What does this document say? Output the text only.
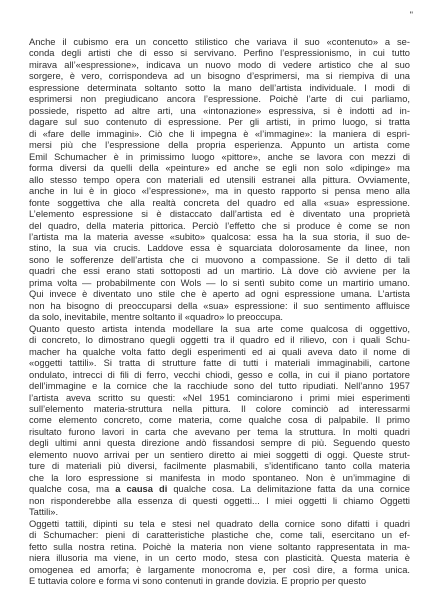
"
Anche il cubismo era un concetto stilistico che variava il suo «contenuto» a se-
conda degli artisti che di esso si servivano. Perfino l’espressionismo, in cui tutto
mirava all’«espressione», indicava un nuovo modo di vedere artistico che al suo
sorgere, è vero, corrispondeva ad un bisogno d’esprimersi, ma si riempiva di una
espressione determinata soltanto sotto la mano dell’artista individuale. I modi di
esprimersi non pregiudicano ancora l’espressione. Poichè l’arte di cui parliamo,
possiede, rispetto ad altre arti, una «intonazione» espressiva, si è indotti ad in-
dagare sul suo contenuto di espressione. Per gli artisti, in primo luogo, si tratta
di «fare delle immagini». Ciò che li impegna è «l’immagine»: la maniera di espri-
mersi più che l’espressione della propria esperienza. Appunto un artista come
Emil Schumacher è in primissimo luogo «pittore», anche se lavora con mezzi di
forma diversi da quelli della «peinture» ed anche se egli non solo «dipinge» ma
allo stesso tempo opera con materiali ed utensili estranei alla pittura. Ovviamente,
anche in lui è in gioco «l’espressione», ma in questo rapporto si pensa meno alla
fonte soggettiva che alla realtà concreta del quadro ed alla «sua» espressione.
L’elemento espressione si è distaccato dall’artista ed è diventato una proprietà
del quadro, della materia pittorica. Perciò l’effetto che si produce è come se non
l’artista ma la materia avesse «subito» qualcosa: essa ha la sua storia, il suo de-
stino, la sua via crucis. Laddove essa è squarciata dolorosamente da linee, non
sono le sofferenze dell’artista che ci muovono a compassione. Se il detto di tali
quadri che essi erano stati sottoposti ad un martirio. Là dove ciò avviene per la
prima volta — probabilmente con Wols — lo si sentì subito come un martirio umano.
Qui invece è diventato uno stile che è aperto ad ogni espressione umana. L’artista
non ha bisogno di preoccuparsi della «sua» espressione: il suo sentimento affluisce
da solo, inevitabile, mentre soltanto il «quadro» lo preoccupa.
Quanto questo artista intenda modellare la sua arte come qualcosa di oggettivo,
di concreto, lo dimostrano quegli oggetti tra il quadro ed il rilievo, con i quali Schu-
macher ha qualche volta fatto degli esperimenti ed ai quali aveva dato il nome di
«oggetti tattili». Si tratta di strutture fatte di tutti i materiali immaginabili, cartone
ondulato, intrecci di fili di ferro, vecchi chiodi, gesso e colla, in cui il piano portatore
dell’immagine e la cornice che la racchiude sono del tutto ripudiati. Nell’anno 1957
l’artista aveva scritto su questi: «Nel 1951 cominciarono i primi miei esperimenti
sull’elemento materia-struttura nella pittura. Il colore cominciò ad interessarmi
come elemento concreto, come materia, come qualche cosa di palpabile. Il primo
risultato furono lavori in carta che avevano per tema la struttura. In molti quadri
degli ultimi anni questa direzione andò fissandosi sempre di più. Seguendo questo
elemento nuovo arrivai per un sentiero diretto ai miei soggetti di oggi. Queste strut-
ture di materiali più diversi, facilmente plasmabili, s’identificano tanto colla materia
che la loro espressione si manifesta in modo spontaneo. Non è un’immagine di
qualche cosa, ma a causa di qualche cosa. La delimitazione fatta da una cornice
non risponderebbe alla essenza di questi oggetti... I miei oggetti li chiamo Oggetti
Tattili».
Oggetti tattili, dipinti su tela e stesi nel quadrato della cornice sono difatti i quadri
di Schumacher: pieni di caratteristiche plastiche che, come tali, esercitano un ef-
fetto sulla nostra retina. Poichè la materia non viene soltanto rappresentata in ma-
niera illusoria ma viene, in un certo modo, stesa con plasticità. Questa materia è
omogenea ed amorfa; è largamente monocroma e, per così dire, a forma unica.
E tuttavia colore e forma vi sono contenuti in grande dovizia. E proprio per questo
